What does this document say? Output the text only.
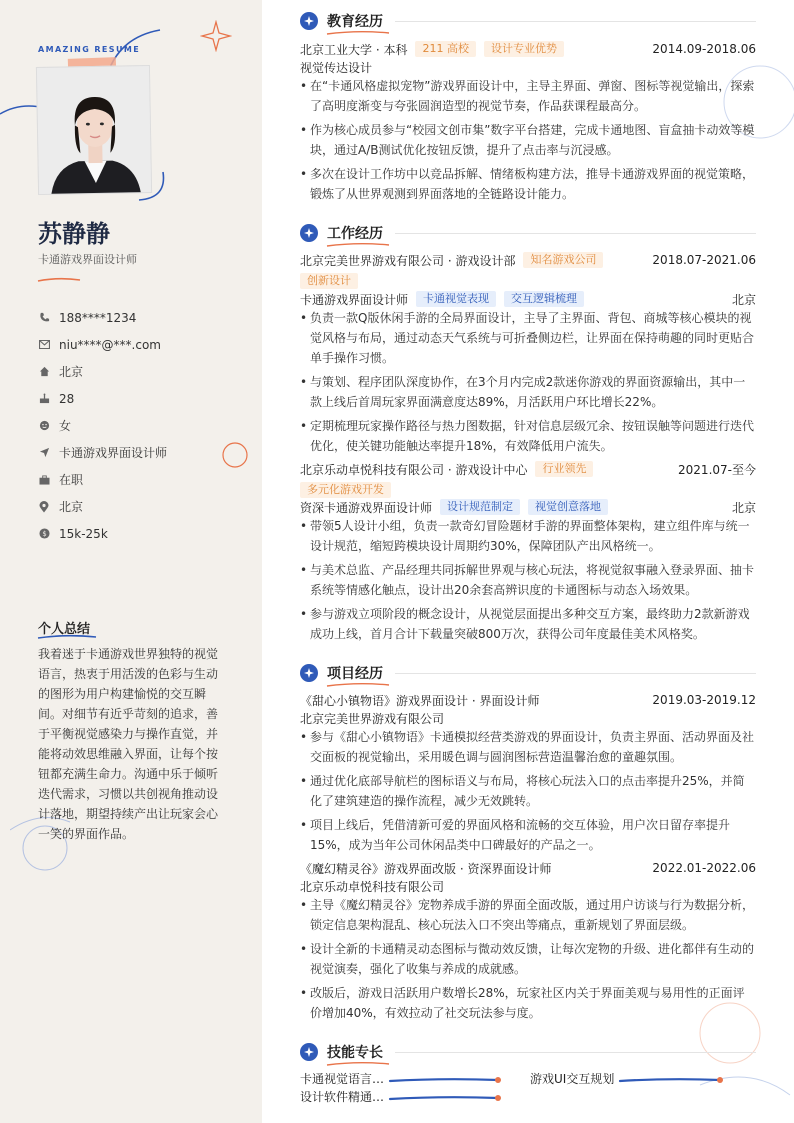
AMAZING RESUME
苏静静
卡通游戏界面设计师
188****1234
niu****@***.com
北京
28
女
卡通游戏界面设计师
在职
北京
$ 15k-25k
个人总结
我着迷于卡通游戏世界独特的视觉语言，热衷于用活泼的色彩与生动的图形为用户构建愉悦的交互瞬间。对细节有近乎苛刻的追求，善于平衡视觉感染力与操作直觉，并能将动效思维融入界面，让每个按钮都充满生命力。沟通中乐于倾听迭代需求，习惯以共创视角推动设计落地，期望持续产出让玩家会心一笑的界面作品。
教育经历
北京工业大学 · 本科	211 高校	设计专业优势	2014.09-2018.06
视觉传达设计
• 在“卡通风格虚拟宠物”游戏界面设计中，主导主界面、弹窗、图标等视觉输出，探索了高明度渐变与夸张圆润造型的视觉节奏，作品获课程最高分。
• 作为核心成员参与“校园文创市集”数字平台搭建，完成卡通地图、盲盒抽卡动效等模块，通过A/B测试优化按钮反馈，提升了点击率与沉浸感。
• 多次在设计工作坊中以竞品拆解、情绪板构建方法，推导卡通游戏界面的视觉策略，锻炼了从世界观测到界面落地的全链路设计能力。
工作经历
北京完美世界游戏有限公司 · 游戏设计部	知名游戏公司	2018.07-2021.06
创新设计
卡通游戏界面设计师	卡通视觉表现	交互逻辑梳理	北京
• 负责一款Q版休闲手游的全局界面设计，主导了主界面、背包、商城等核心模块的视觉风格与布局，通过动态天气系统与可折叠侧边栏，让界面在保持萌趣的同时更贴合单手操作习惯。
• 与策划、程序团队深度协作，在3个月内完成2款迷你游戏的界面资源输出，其中一款上线后首周玩家界面满意度达89%，月活跃用户环比增长22%。
• 定期梳理玩家操作路径与热力图数据，针对信息层级冗余、按钮误触等问题进行迭代优化，使关键功能触达率提升18%，有效降低用户流失。
北京乐动卓悦科技有限公司 · 游戏设计中心	行业领先	2021.07-至今
多元化游戏开发
资深卡通游戏界面设计师	设计规范制定	视觉创意落地	北京
• 带领5人设计小组，负责一款奇幻冒险题材手游的界面整体架构，建立组件库与统一设计规范，缩短跨模块设计周期约30%，保障团队产出风格统一。
• 与美术总监、产品经理共同拆解世界观与核心玩法，将视觉叙事融入登录界面、抽卡系统等情感化触点，设计出20余套高辨识度的卡通图标与动态入场效果。
• 参与游戏立项阶段的概念设计，从视觉层面提出多种交互方案，最终助力2款新游戏成功上线，首月合计下载量突破800万次，获得公司年度最佳美术风格奖。
项目经历
《甜心小镇物语》游戏界面设计 · 界面设计师	2019.03-2019.12
北京完美世界游戏有限公司
• 参与《甜心小镇物语》卡通模拟经营类游戏的界面设计，负责主界面、活动界面及社交面板的视觉输出，采用暖色调与圆润图标营造温馨治愈的童趣氛围。
• 通过优化底部导航栏的图标语义与布局，将核心玩法入口的点击率提升25%，并简化了建筑建造的操作流程，减少无效跳转。
• 项目上线后，凭借清新可爱的界面风格和流畅的交互体验，用户次日留存率提升15%，成为当年公司休闲品类中口碑最好的产品之一。
《魔幻精灵谷》游戏界面改版 · 资深界面设计师	2022.01-2022.06
北京乐动卓悦科技有限公司
• 主导《魔幻精灵谷》宠物养成手游的界面全面改版，通过用户访谈与行为数据分析，锁定信息架构混乱、核心玩法入口不突出等痛点，重新规划了界面层级。
• 设计全新的卡通精灵动态图标与微动效反馈，让每次宠物的升级、进化都伴有生动的视觉演奏，强化了收集与养成的成就感。
• 改版后，游戏日活跃用户数增长28%，玩家社区内关于界面美观与易用性的正面评价增加40%，有效拉动了社交玩法参与度。
技能专长
卡通视觉语言…	游戏UI交互规划
设计软件精通…
